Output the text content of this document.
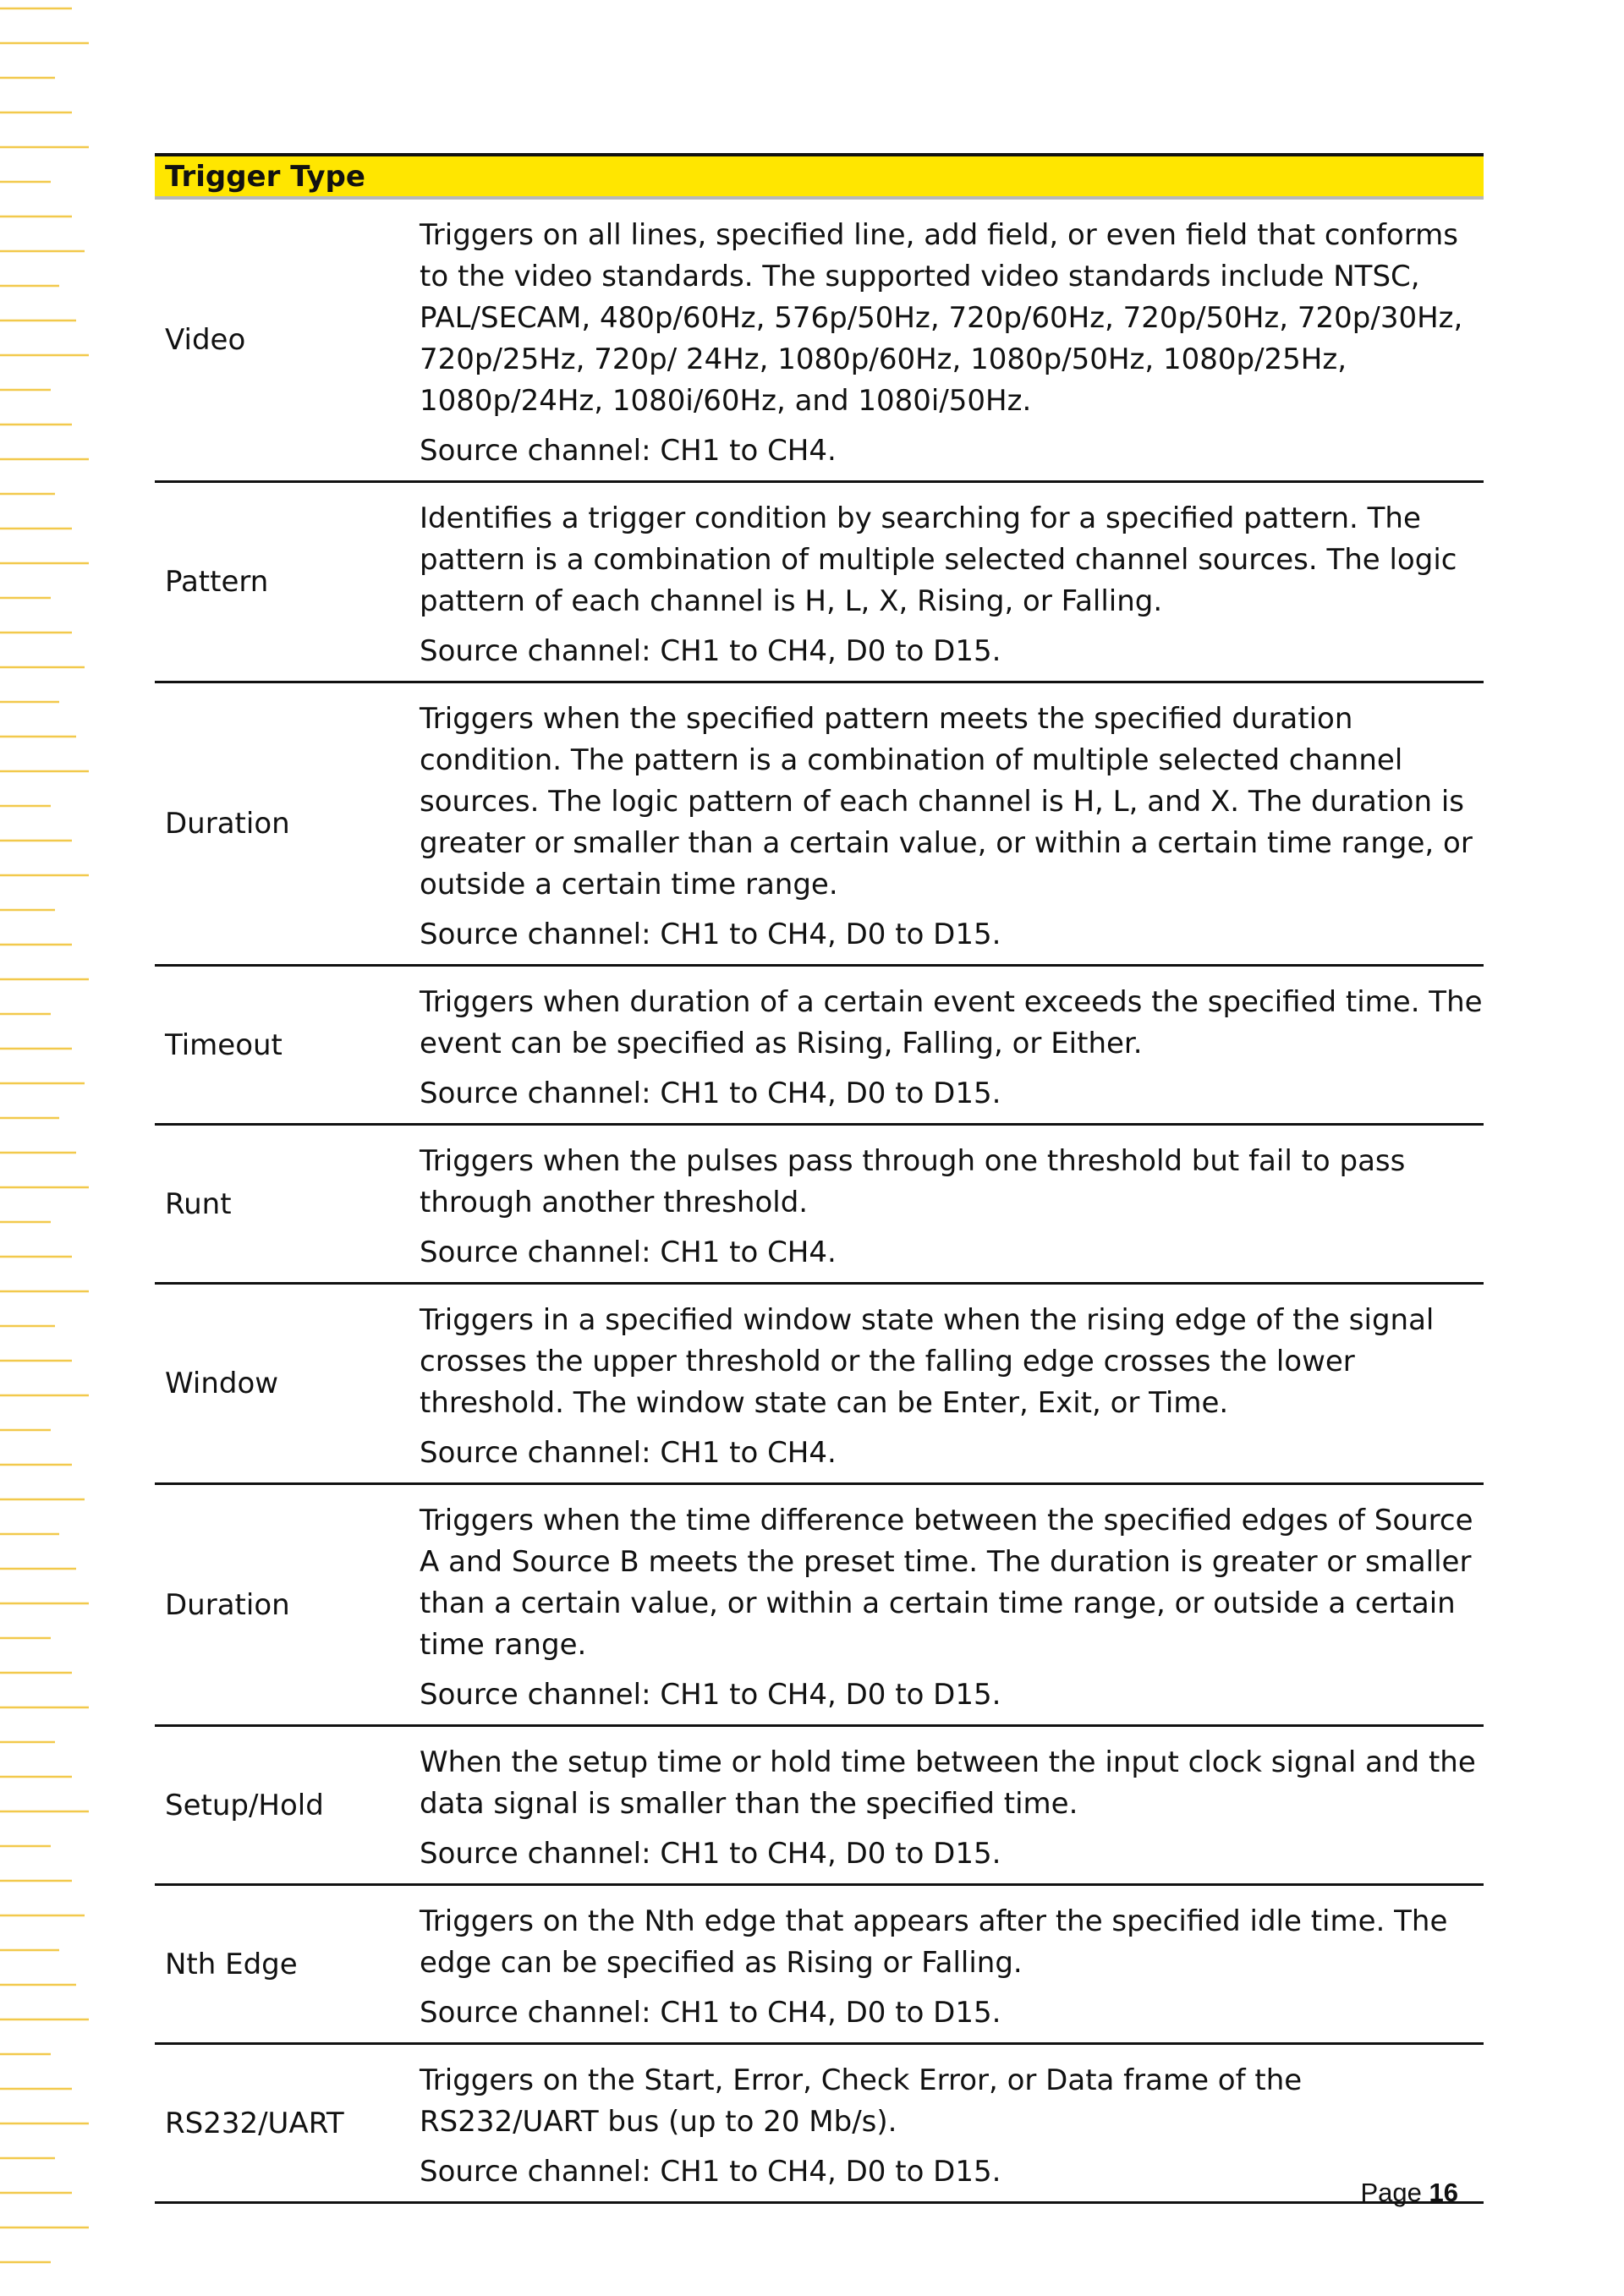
Trigger Type
Video

Triggers on all lines, specified line, add field, or even field that conforms to the video standards. The supported video standards include NTSC, PAL/SECAM, 480p/60Hz, 576p/50Hz, 720p/60Hz, 720p/50Hz, 720p/30Hz, 720p/25Hz, 720p/ 24Hz, 1080p/60Hz, 1080p/50Hz, 1080p/25Hz, 1080p/24Hz, 1080i/60Hz, and 1080i/50Hz.

Source channel: CH1 to CH4.

Pattern

Identifies a trigger condition by searching for a specified pattern. The pattern is a combination of multiple selected channel sources. The logic pattern of each channel is H, L, X, Rising, or Falling.

Source channel: CH1 to CH4, D0 to D15.

Duration

Triggers when the specified pattern meets the specified duration condition. The pattern is a combination of multiple selected channel sources. The logic pattern of each channel is H, L, and X. The duration is greater or smaller than a certain value, or within a certain time range, or outside a certain time range.

Source channel: CH1 to CH4, D0 to D15.

Timeout

Triggers when duration of a certain event exceeds the specified time. The event can be specified as Rising, Falling, or Either.

Source channel: CH1 to CH4, D0 to D15.

Runt

Triggers when the pulses pass through one threshold but fail to pass through another threshold.

Source channel: CH1 to CH4.

Window

Triggers in a specified window state when the rising edge of the signal crosses the upper threshold or the falling edge crosses the lower threshold. The window state can be Enter, Exit, or Time.

Source channel: CH1 to CH4.

Duration

Triggers when the time difference between the specified edges of Source A and Source B meets the preset time. The duration is greater or smaller than a certain value, or within a certain time range, or outside a certain time range.

Source channel: CH1 to CH4, D0 to D15.

Setup/Hold

When the setup time or hold time between the input clock signal and the data signal is smaller than the specified time.

Source channel: CH1 to CH4, D0 to D15.

Nth Edge

Triggers on the Nth edge that appears after the specified idle time. The edge can be specified as Rising or Falling.

Source channel: CH1 to CH4, D0 to D15.

RS232/UART

Triggers on the Start, Error, Check Error, or Data frame of the RS232/UART bus (up to 20 Mb/s).

Source channel: CH1 to CH4, D0 to D15.

Page 16
